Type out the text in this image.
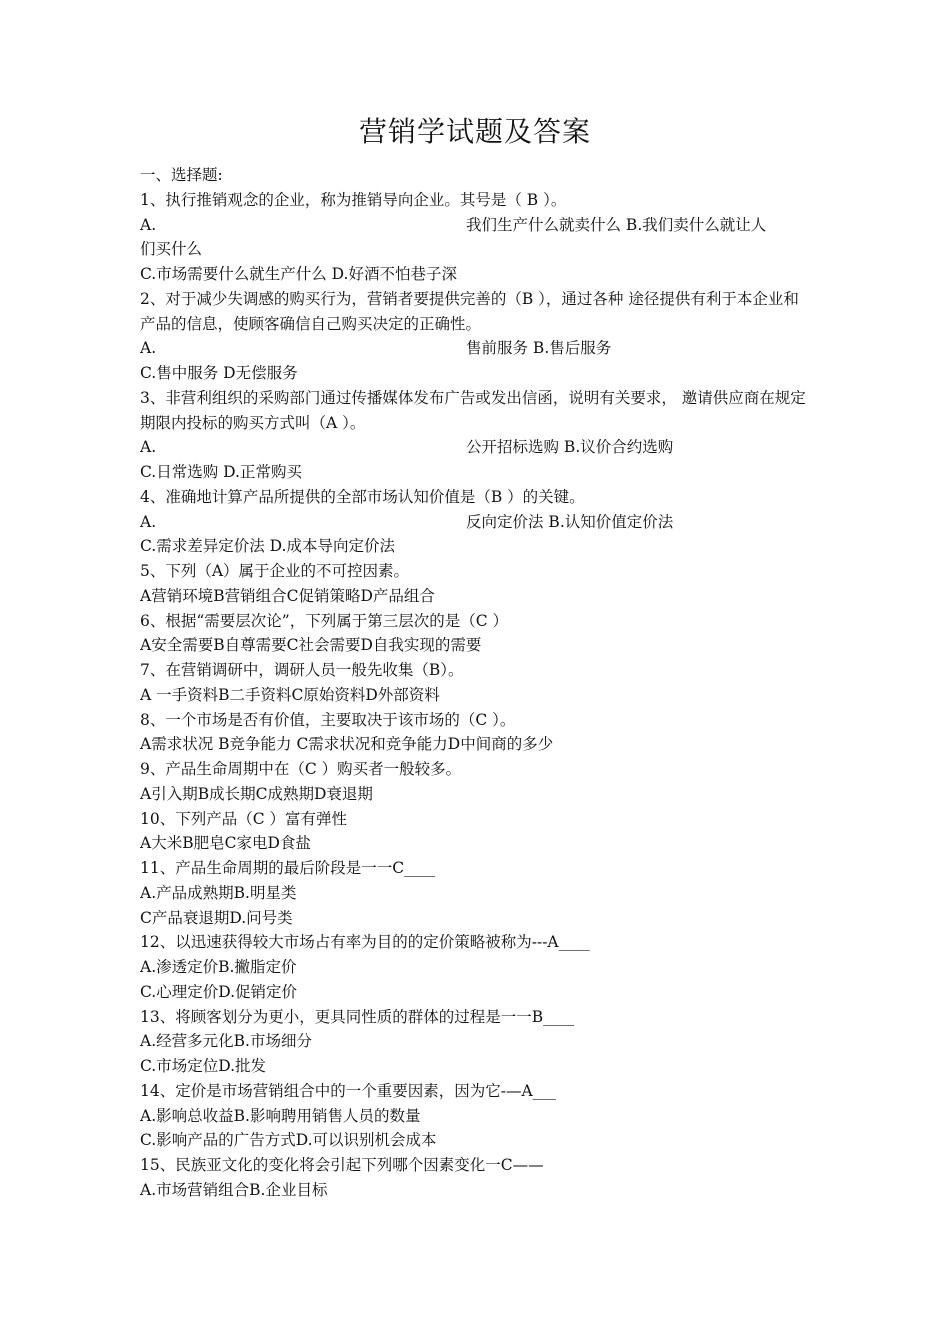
营销学试题及答案
一、选择题:
1、执行推销观念的企业，称为推销导向企业。其号是（ B ）。
A.	我们生产什么就卖什么 B.我们卖什么就让人
们买什么
C.市场需要什么就生产什么 D.好酒不怕巷子深
2、对于减少失调感的购买行为，营销者要提供完善的（B ），通过各种 途径提供有利于本企业和产品的信息，使顾客确信自己购买决定的正确性。
A.	售前服务 B.售后服务
C.售中服务 D无偿服务
3、非营利组织的采购部门通过传播媒体发布广告或发出信函，说明有关要求， 邀请供应商在规定期限内投标的购买方式叫（A ）。
A.	公开招标选购 B.议价合约选购
C.日常选购 D.正常购买
4、准确地计算产品所提供的全部市场认知价值是（B ）的关键。
A.	反向定价法 B.认知价值定价法
C.需求差异定价法 D.成本导向定价法
5、下列（A）属于企业的不可控因素。
A营销环境B营销组合C促销策略D产品组合
6、根据“需要层次论”，下列属于第三层次的是（C ）
A安全需要B自尊需要C社会需要D自我实现的需要
7、在营销调研中，调研人员一般先收集（B）。
A 一手资料B二手资料C原始资料D外部资料
8、一个市场是否有价值，主要取决于该市场的（C ）。
A需求状况 B竞争能力 C需求状况和竞争能力D中间商的多少
9、产品生命周期中在（C ）购买者一般较多。
A引入期B成长期C成熟期D衰退期
10、下列产品（C ）富有弹性
A大米B肥皂C家电D食盐
11、产品生命周期的最后阶段是一一C____
A.产品成熟期B.明星类
C产品衰退期D.问号类
12、以迅速获得较大市场占有率为目的的定价策略被称为---A____
A.渗透定价B.撇脂定价
C.心理定价D.促销定价
13、将顾客划分为更小，更具同性质的群体的过程是一一B____
A.经营多元化B.市场细分
C.市场定位D.批发
14、定价是市场营销组合中的一个重要因素，因为它-—A___
A.影响总收益B.影响聘用销售人员的数量
C.影响产品的广告方式D.可以识别机会成本
15、民族亚文化的变化将会引起下列哪个因素变化一C——
A.市场营销组合B.企业目标
